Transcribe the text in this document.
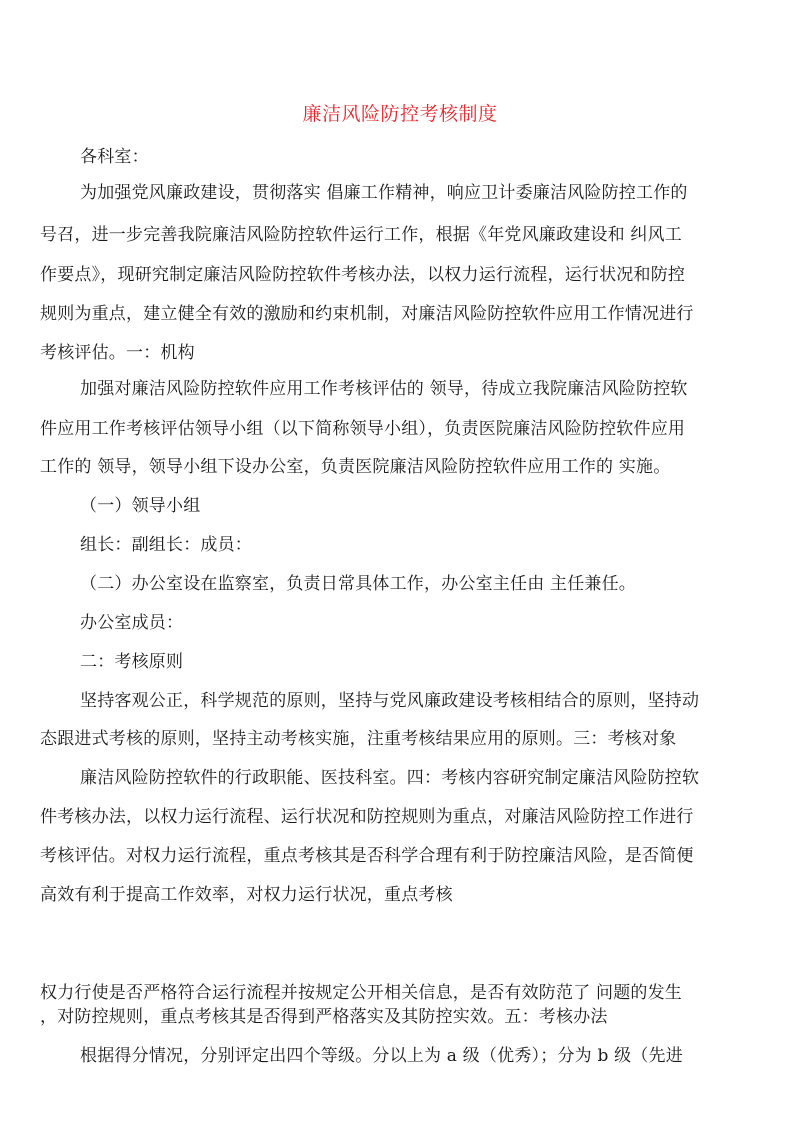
廉洁风险防控考核制度
各科室：
为加强党风廉政建设，贯彻落实 倡廉工作精神，响应卫计委廉洁风险防控工作的
号召，进一步完善我院廉洁风险防控软件运行工作，根据《年党风廉政建设和 纠风工
作要点》，现研究制定廉洁风险防控软件考核办法，以权力运行流程，运行状况和防控
规则为重点，建立健全有效的激励和约束机制，对廉洁风险防控软件应用工作情况进行
考核评估。一：机构
加强对廉洁风险防控软件应用工作考核评估的 领导，待成立我院廉洁风险防控软
件应用工作考核评估领导小组（以下简称领导小组），负责医院廉洁风险防控软件应用
工作的 领导，领导小组下设办公室，负责医院廉洁风险防控软件应用工作的 实施。
（一）领导小组
组长：副组长：成员：
（二）办公室设在监察室，负责日常具体工作，办公室主任由 主任兼任。
办公室成员：
二：考核原则
坚持客观公正，科学规范的原则，坚持与党风廉政建设考核相结合的原则，坚持动
态跟进式考核的原则，坚持主动考核实施，注重考核结果应用的原则。三：考核对象
廉洁风险防控软件的行政职能、医技科室。四：考核内容研究制定廉洁风险防控软
件考核办法，以权力运行流程、运行状况和防控规则为重点，对廉洁风险防控工作进行
考核评估。对权力运行流程，重点考核其是否科学合理有利于防控廉洁风险，是否简便
高效有利于提高工作效率，对权力运行状况，重点考核
权力行使是否严格符合运行流程并按规定公开相关信息，是否有效防范了 问题的发生
，对防控规则，重点考核其是否得到严格落实及其防控实效。五：考核办法
根据得分情况，分别评定出四个等级。分以上为 a 级（优秀）；分为 b 级（先进
